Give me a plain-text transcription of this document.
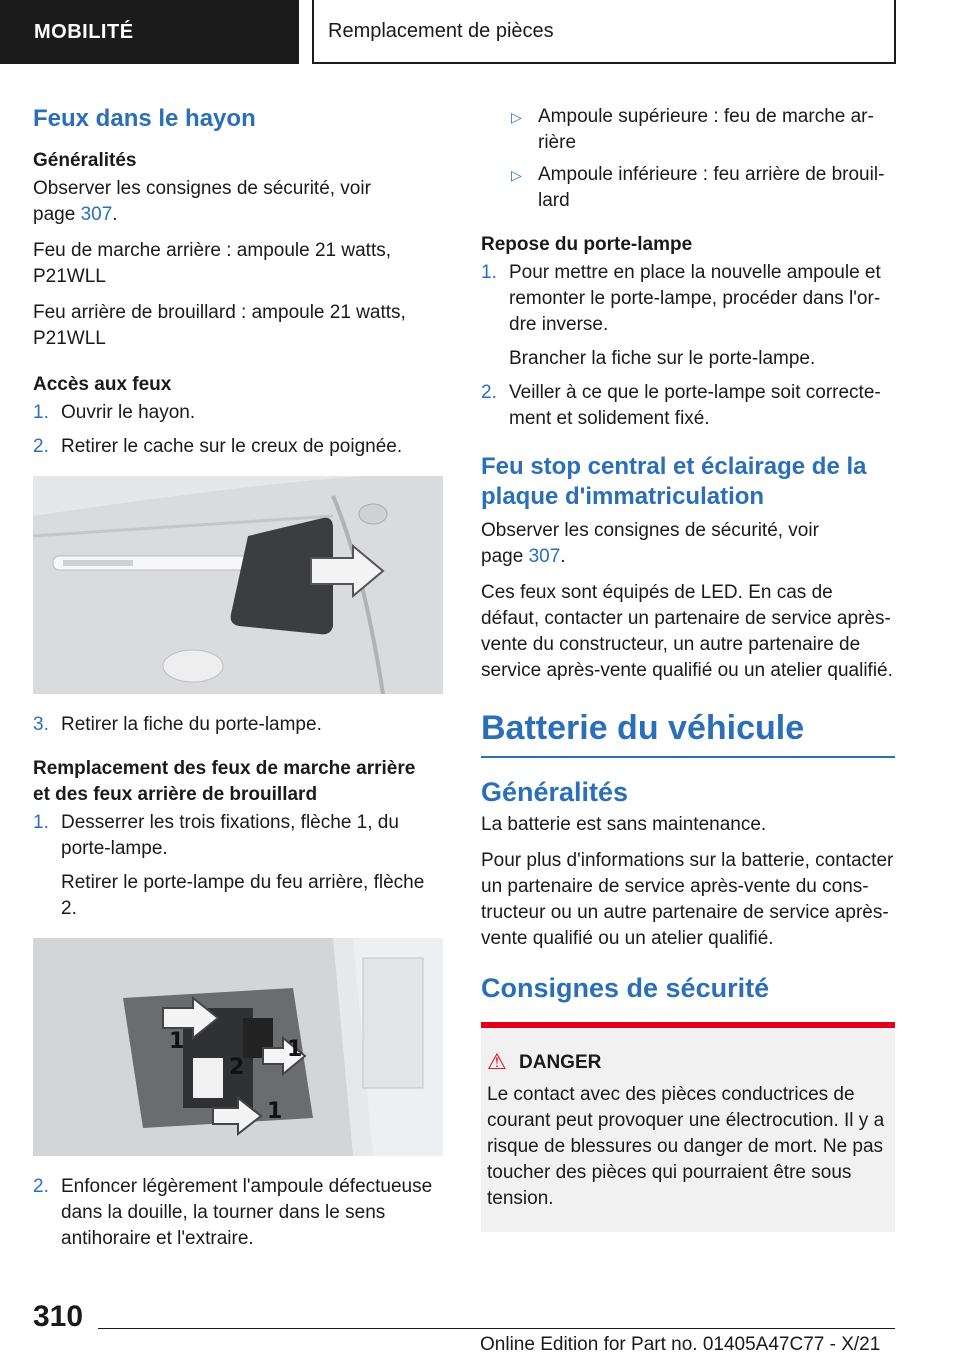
MOBILITÉ	Remplacement de pièces
Feux dans le hayon
Généralités

Observer les consignes de sécurité, voir
page 307.

Feu de marche arrière : ampoule 21 watts,
P21WLL

Feu arrière de brouillard : ampoule 21 watts,
P21WLL

Accès aux feux
1. Ouvrir le hayon.
2. Retirer le cache sur le creux de poignée.
3. Retirer la fiche du porte-lampe.
Remplacement des feux de marche arrière
et des feux arrière de brouillard
1. Desserrer les trois fixations, flèche 1, du porte-lampe.
Retirer le porte-lampe du feu arrière, flèche 2.
1	1
2
1
2. Enfoncer légèrement l'ampoule défectueuse dans la douille, la tourner dans le sens antihoraire et l'extraire.
▷ Ampoule supérieure : feu de marche arrière
▷ Ampoule inférieure : feu arrière de brouillard
Repose du porte-lampe
1. Pour mettre en place la nouvelle ampoule et remonter le porte-lampe, procéder dans l'ordre inverse.
Brancher la fiche sur le porte-lampe.
2. Veiller à ce que le porte-lampe soit correctement et solidement fixé.
Feu stop central et éclairage de la plaque d'immatriculation

Observer les consignes de sécurité, voir
page 307.

Ces feux sont équipés de LED. En cas de défaut, contacter un partenaire de service après-vente du constructeur, un autre partenaire de service après-vente qualifié ou un atelier qualifié.

Batterie du véhicule
Généralités

La batterie est sans maintenance.

Pour plus d'informations sur la batterie, contacter un partenaire de service après-vente du constructeur ou un autre partenaire de service après-vente qualifié ou un atelier qualifié.

Consignes de sécurité
⚠ DANGER

Le contact avec des pièces conductrices de courant peut provoquer une électrocution. Il y a risque de blessures ou danger de mort. Ne pas toucher des pièces qui pourraient être sous tension.

310
Online Edition for Part no. 01405A47C77 - X/21
